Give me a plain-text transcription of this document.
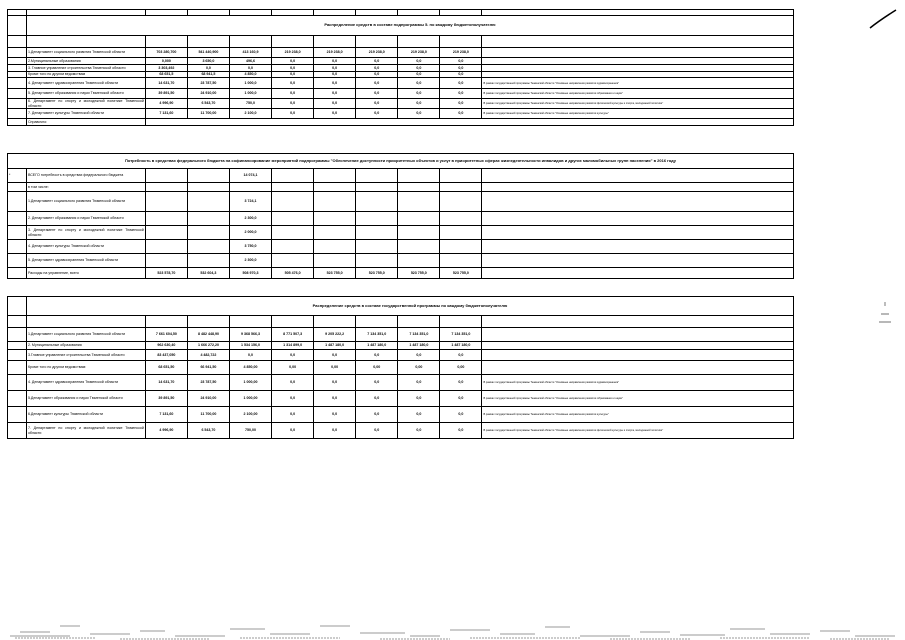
	Распределение средств в составе подпрограммы 5. по каждому бюджетополучателю									

	1.Департамент социального развития Тюменской области	703 280,700	541 440,900	413 160,9	219 238,0	219 238,0	219 238,0	219 238,0	219 238,0	
	2.Муниципальные образования	0,000	3 650,0	496,6	0,0	0,0	0,0	0,0	0,0	
	3. Главное управление строительства Тюменской области	3 303,492	0,0	0,0	0,0	0,0	0,0	0,0	0,0	
	Кроме того по другим ведомствам	68 651,5	68 941,5	4 850,0	0,0	0,0	0,0	0,0	0,0	
	4. Департамент здравоохранения Тюменской области	14 631,70	23 787,50	1 000,0	0,0	0,0	0,0	0,0	0,0	В рамках государственной программы Тюменской области "Основные направления развития здравоохранения"
	5. Департамент образования и науки Тюменской области	39 891,50	24 910,00	1 000,0	0,0	0,0	0,0	0,0	0,0	В рамках государственной программы Тюменской области "Основные направления развития образования и науки"
	6. Департамент по спорту и молодежной политике Тюменской области	4 996,90	6 543,70	750,0	0,0	0,0	0,0	0,0	0,0	В рамках государственной программы Тюменской области "Основные направления развития физической культуры и спорта, молодежной политики"
	7. Департамент культуры Тюменской области	7 131,60	11 700,00	2 100,0	0,0	0,0	0,0	0,0	0,0	В рамках государственной программы Тюменской области "Основные направления развития культуры"
	Справочно:									
Потребность в средствах федерального бюджета на софинансирование мероприятий подпрограммы "Обеспечение доступности приоритетных объектов и услуг в приоритетных сферах жизнедеятельности инвалидов и других маломобильных групп населения" в 2016 году										
*	ВСЕГО потребность в средствах федерального бюджета			14 074,1						
	в том числе:									
	1.Департамент социального развития Тюменской области			3 724,1						
	2. Департамент образования и науки Тюменской области			2 300,0						
	3. Департамент по спорту и молодежной политике Тюменской области			2 000,0						
	4. Департамент культуры Тюменской области			3 750,0						
	5. Департамент здравоохранения Тюменской области			2 300,0						
	Расходы на управление, всего	523 578,70	532 604,3	508 970,3	505 476,0	523 755,0	523 755,0	523 755,0	523 755,0	
	Распределение средств в составе государственной программы по каждому бюджетополучателю									

	1.Департамент социального развития Тюменской области	7 661 604,50	8 482 448,90	9 368 566,3	8 771 507,3	9 205 222,2	7 134 351,0	7 134 351,0	7 134 351,0	
	2. Муниципальные образования	962 630,40	1 666 272,20	1 534 156,0	1 314 899,0	1 487 180,0	1 487 180,0	1 487 180,0	1 487 180,0	
	3.Главное управление строительства Тюменской области	83 437,050	4 482,722	0,0	0,0	0,0	0,0	0,0	0,0	
	Кроме того по другим ведомствам:	68 651,50	66 941,50	4 850,00	0,00	0,00	0,00	0,00	0,00	
	4. Департамент здравоохранения Тюменской области	14 631,70	23 787,50	1 000,00	0,0	0,0	0,0	0,0	0,0	В рамках государственной программы Тюменской области "Основные направления развития здравоохранения"
	5.Департамент образования и науки Тюменской области	39 891,50	24 910,00	1 000,00	0,0	0,0	0,0	0,0	0,0	В рамках государственной программы Тюменской области "Основные направления развития образования и науки"
	6.Департамент культуры Тюменской области	7 131,60	11 700,00	2 100,00	0,0	0,0	0,0	0,0	0,0	В рамках государственной программы Тюменской области "Основные направления развития культуры"
	7. Департамент по спорту и молодежной политике Тюменской области	4 996,90	6 543,70	750,00	0,0	0,0	0,0	0,0	0,0	В рамках государственной программы Тюменской области "Основные направления развития физической культуры и спорта, молодежной политики"
